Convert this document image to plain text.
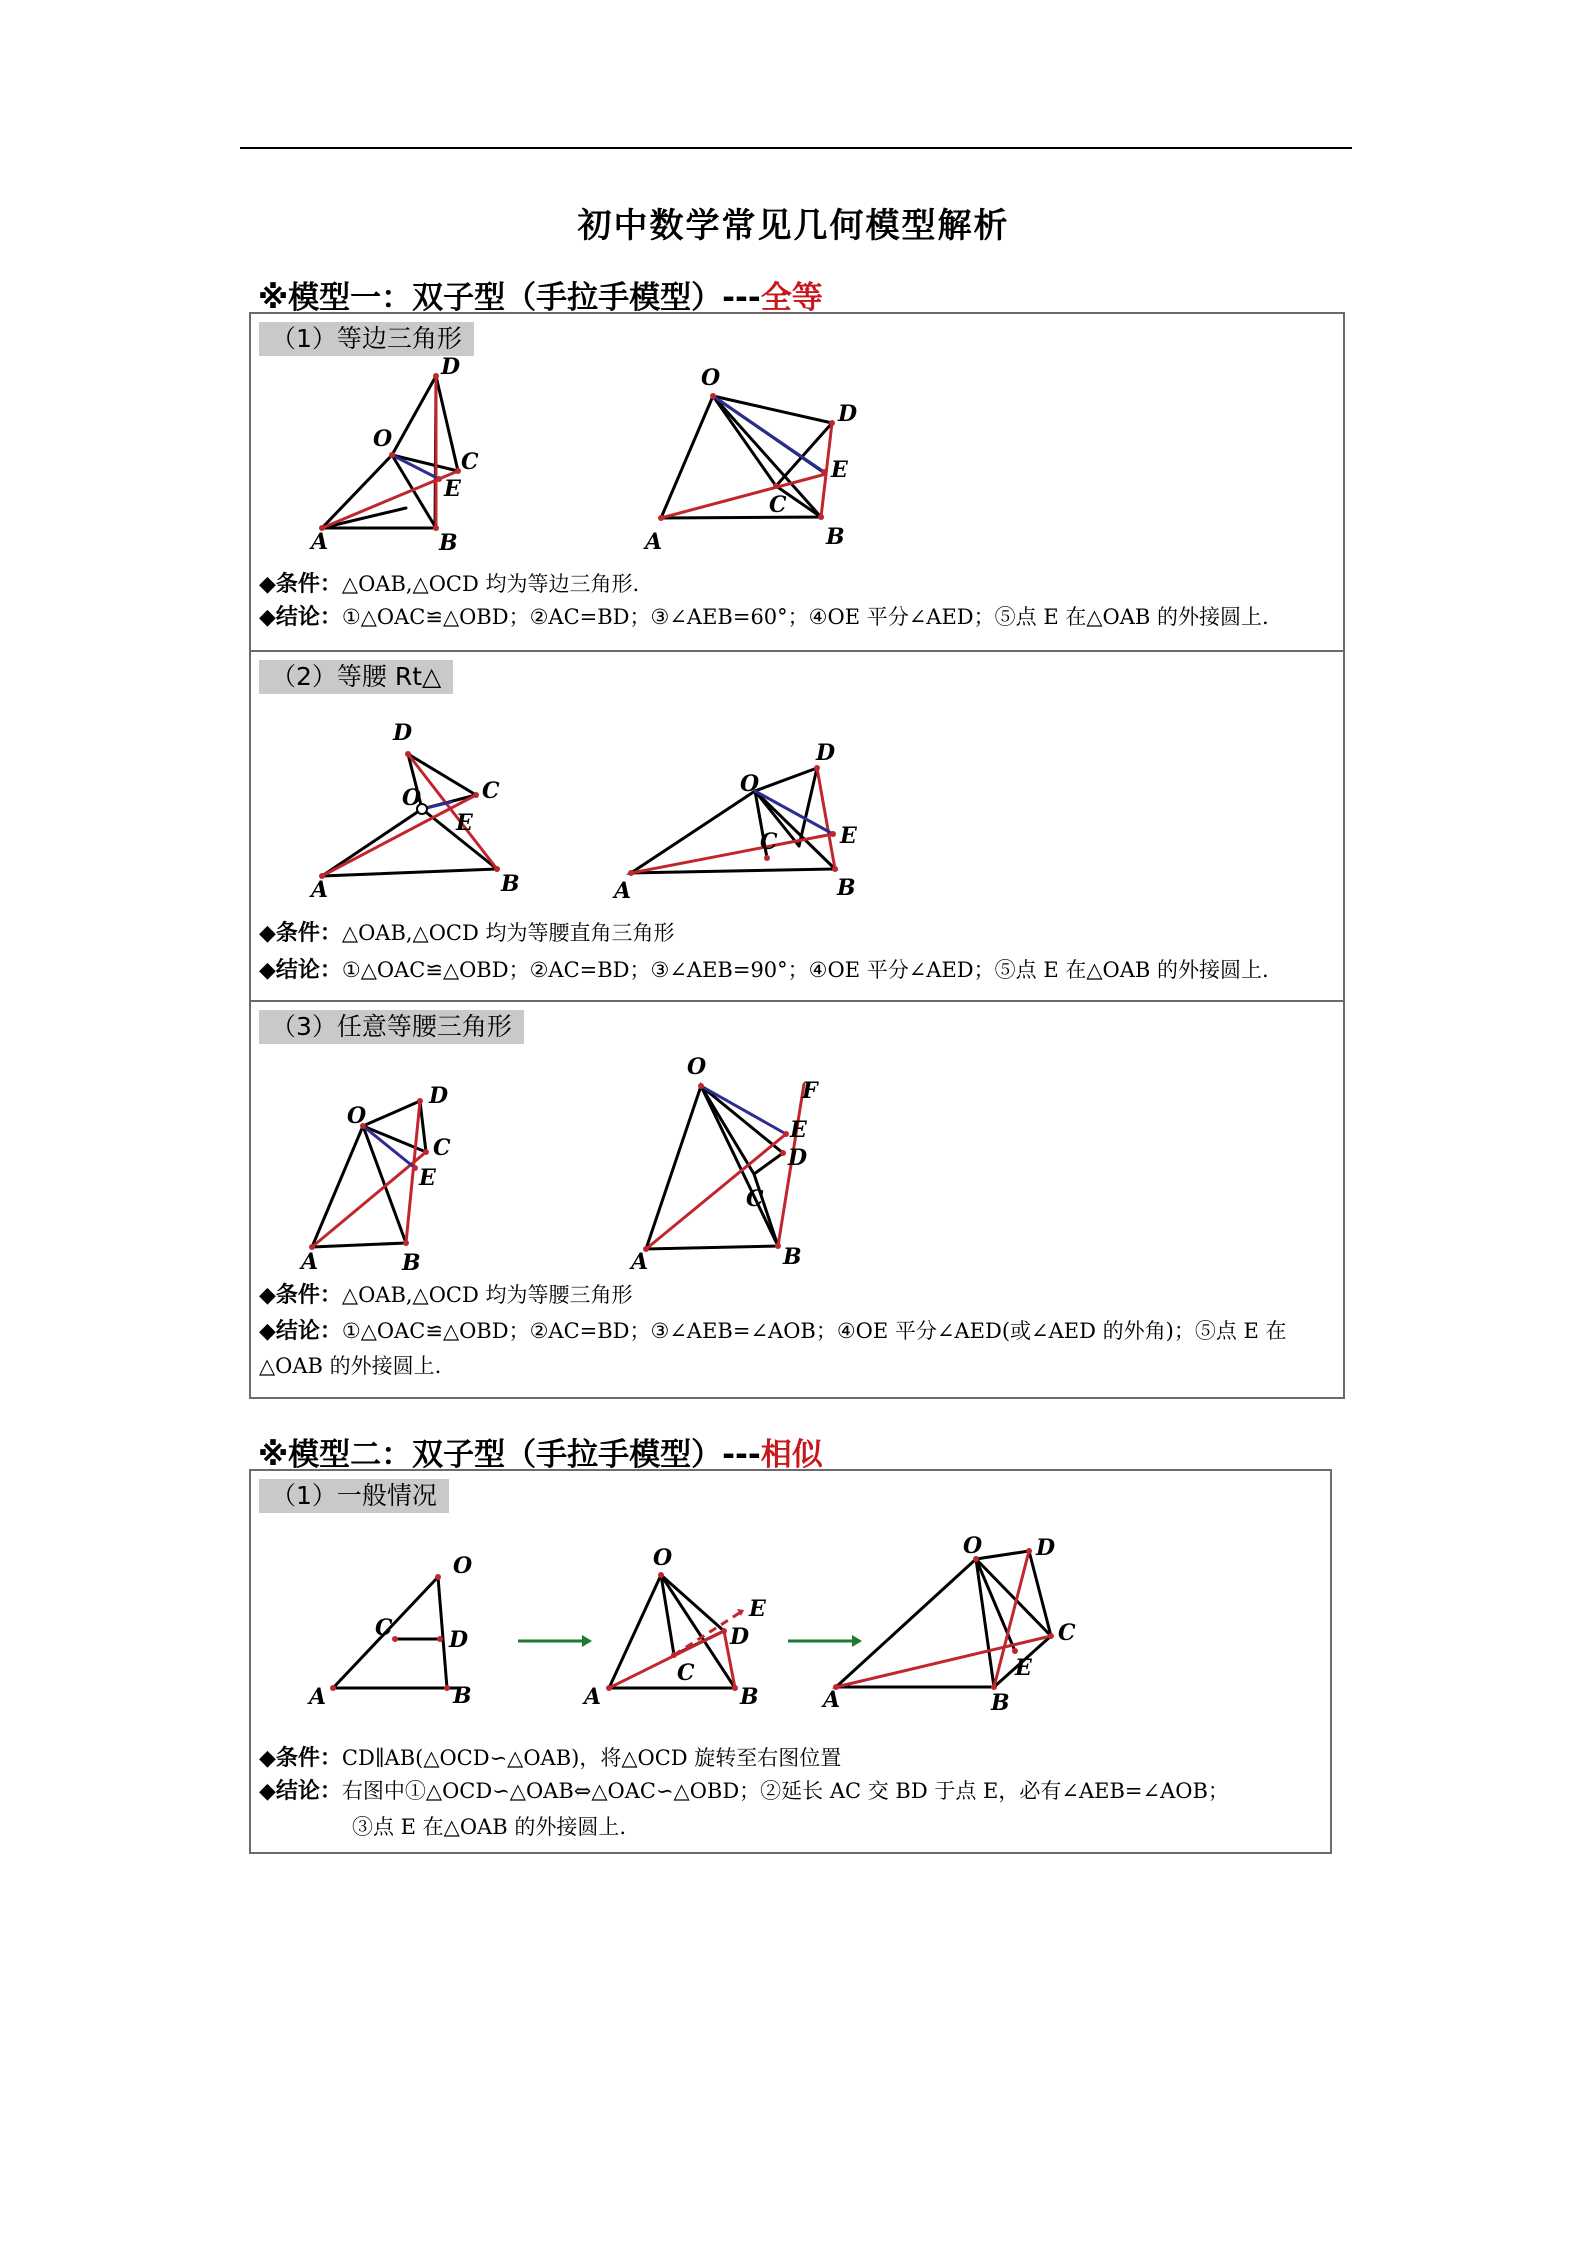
初中数学常见几何模型解析
※模型一：双子型（手拉手模型）---全等
（1）等边三角形
A	B
D
O
C
E
A	B
O
D
E
C
◆条件：△OAB,△OCD 均为等边三角形.
◆结论：①△OAC≌△OBD；②AC=BD；③∠AEB=60°；④OE 平分∠AED；⑤点 E 在△OAB 的外接圆上.
（2）等腰 Rt△
A	B
D
O	C
E
A	B
O
D
E
C
◆条件：△OAB,△OCD 均为等腰直角三角形
◆结论：①△OAC≌△OBD；②AC=BD；③∠AEB=90°；④OE 平分∠AED；⑤点 E 在△OAB 的外接圆上.
（3）任意等腰三角形
A	B
O
D
C
E
A	B
O
F
E
D
C
◆条件：△OAB,△OCD 均为等腰三角形
◆结论：①△OAC≌△OBD；②AC=BD；③∠AEB=∠AOB；④OE 平分∠AED(或∠AED 的外角)；⑤点 E 在△OAB 的外接圆上.
※模型二：双子型（手拉手模型）---相似
（1）一般情况
A	B
O
C	D
A	B
O
E
D
C
A	B
O D
C
E
◆条件：CD∥AB(△OCD∽△OAB)，将△OCD 旋转至右图位置
◆结论：右图中①△OCD∽△OAB⇔△OAC∽△OBD；②延长 AC 交 BD 于点 E，必有∠AEB=∠AOB；
③点 E 在△OAB 的外接圆上.
